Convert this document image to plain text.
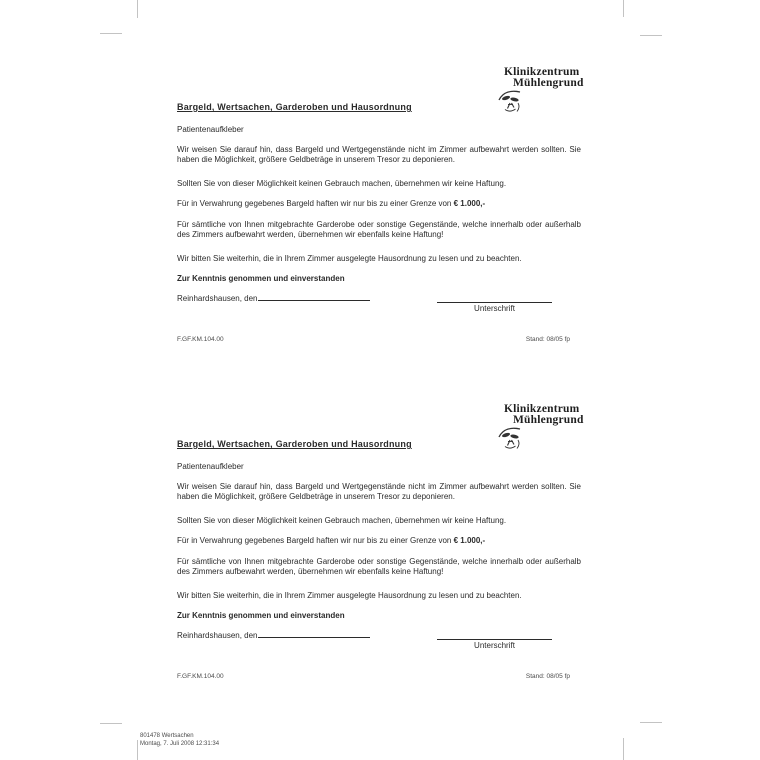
Klinikzentrum
Mühlengrund
Bargeld, Wertsachen, Garderoben und Hausordnung
Patientenaufkleber

Wir weisen Sie darauf hin, dass Bargeld und Wertgegenstände nicht im Zimmer aufbewahrt werden sollten. Sie haben die Möglichkeit, größere Geldbeträge in unserem Tresor zu deponieren.

Sollten Sie von dieser Möglichkeit keinen Gebrauch machen, übernehmen wir keine Haftung.

Für in Verwahrung gegebenes Bargeld haften wir nur bis zu einer Grenze von € 1.000,-

Für sämtliche von Ihnen mitgebrachte Garderobe oder sonstige Gegenstände, welche innerhalb oder außerhalb des Zimmers aufbewahrt werden, übernehmen wir ebenfalls keine Haftung!

Wir bitten Sie weiterhin, die in Ihrem Zimmer ausgelegte Hausordnung zu lesen und zu beachten.

Zur Kenntnis genommen und einverstanden

Reinhardshausen, den
Unterschrift
F.GF.KM.104.00	Stand: 08/05 fp
Klinikzentrum
Mühlengrund
Bargeld, Wertsachen, Garderoben und Hausordnung
Patientenaufkleber

Wir weisen Sie darauf hin, dass Bargeld und Wertgegenstände nicht im Zimmer aufbewahrt werden sollten. Sie haben die Möglichkeit, größere Geldbeträge in unserem Tresor zu deponieren.

Sollten Sie von dieser Möglichkeit keinen Gebrauch machen, übernehmen wir keine Haftung.

Für in Verwahrung gegebenes Bargeld haften wir nur bis zu einer Grenze von € 1.000,-

Für sämtliche von Ihnen mitgebrachte Garderobe oder sonstige Gegenstände, welche innerhalb oder außerhalb des Zimmers aufbewahrt werden, übernehmen wir ebenfalls keine Haftung!

Wir bitten Sie weiterhin, die in Ihrem Zimmer ausgelegte Hausordnung zu lesen und zu beachten.

Zur Kenntnis genommen und einverstanden

Reinhardshausen, den
Unterschrift
F.GF.KM.104.00	Stand: 08/05 fp
801478 Wertsachen
Montag, 7. Juli 2008 12:31:34
